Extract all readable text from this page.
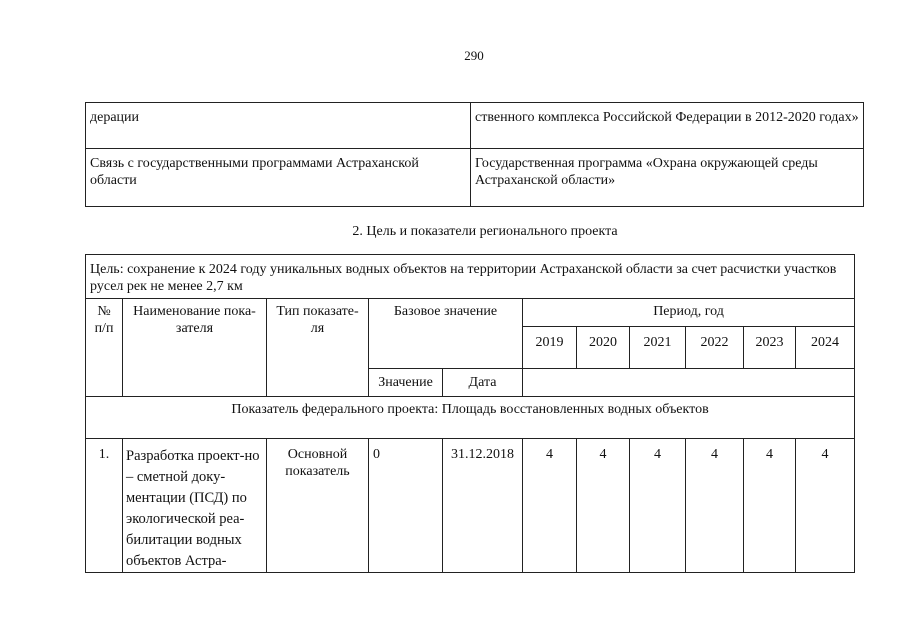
290
дерации	ственного комплекса Российской Федерации в 2012-2020 годах»
Связь с государственными программами Астраханской области	Государственная программа «Охрана окружающей среды Астраханской области»
2. Цель и показатели регионального проекта
Цель: сохранение к 2024 году уникальных водных объектов на территории Астраханской области за счет расчистки участков русел рек не менее 2,7 км										
№ п/п	Наименование пока-зателя	Тип показате-ля	Базовое значение		Период, год					
					2019	2020	2021	2022	2023	2024
			Значение	Дата						
Показатель федерального проекта: Площадь восстановленных водных объектов										
1.	Разработка проект-но – сметной доку-ментации (ПСД) по экологической реа-билитации водных объектов Астра-	Основной показатель	0	31.12.2018	4	4	4	4	4	4
